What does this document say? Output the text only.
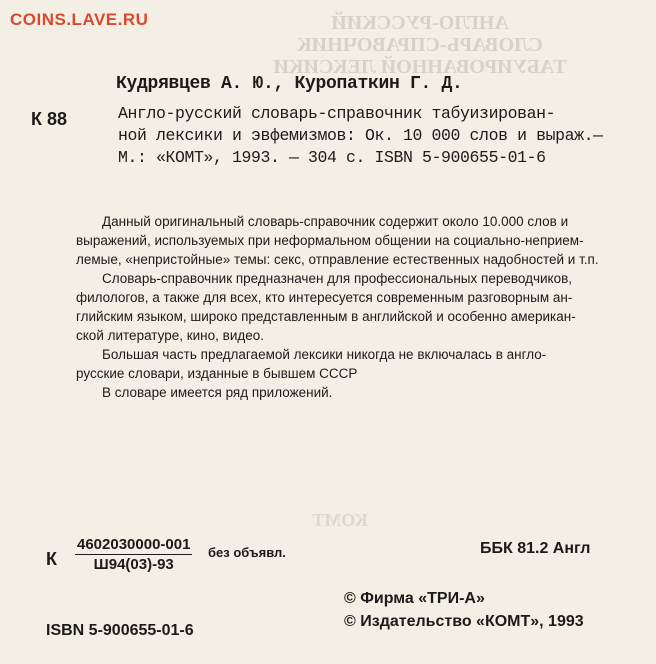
АНГЛО-РУССКИЙ
СЛОВАРЬ-СПРАВОЧНИК
ТАБУИРОВАННОЙ ЛЕКСИКИ
КОМТ
COINS.LAVE.RU
Кудрявцев А. Ю., Куропаткин Г. Д.
К 88	Англо-русский словарь-справочник табуизирован-
ной лексики и эвфемизмов: Ок. 10 000 слов и выраж.—
М.: «КОМТ», 1993. — 304 с. ISBN 5-900655-01-6
Данный оригинальный словарь-справочник содержит около 10.000 слов и
выражений, используемых при неформальном общении на социально-неприем-
лемые, «непристойные» темы: секс, отправление естественных надобностей и т.п.
Словарь-справочник предназначен для профессиональных переводчиков,
филологов, а также для всех, кто интересуется современным разговорным ан-
глийским языком, широко представленным в английской и особенно американ-
ской литературе, кино, видео.
Большая часть предлагаемой лексики никогда не включалась в англо-
русские словари, изданные в бывшем СССР
В словаре имеется ряд приложений.
К
4602030000-001
Ш94(03)-93
без объявл.	ББК 81.2 Англ
© Фирма «ТРИ-А»
© Издательство «КОМТ», 1993
ISBN 5-900655-01-6
